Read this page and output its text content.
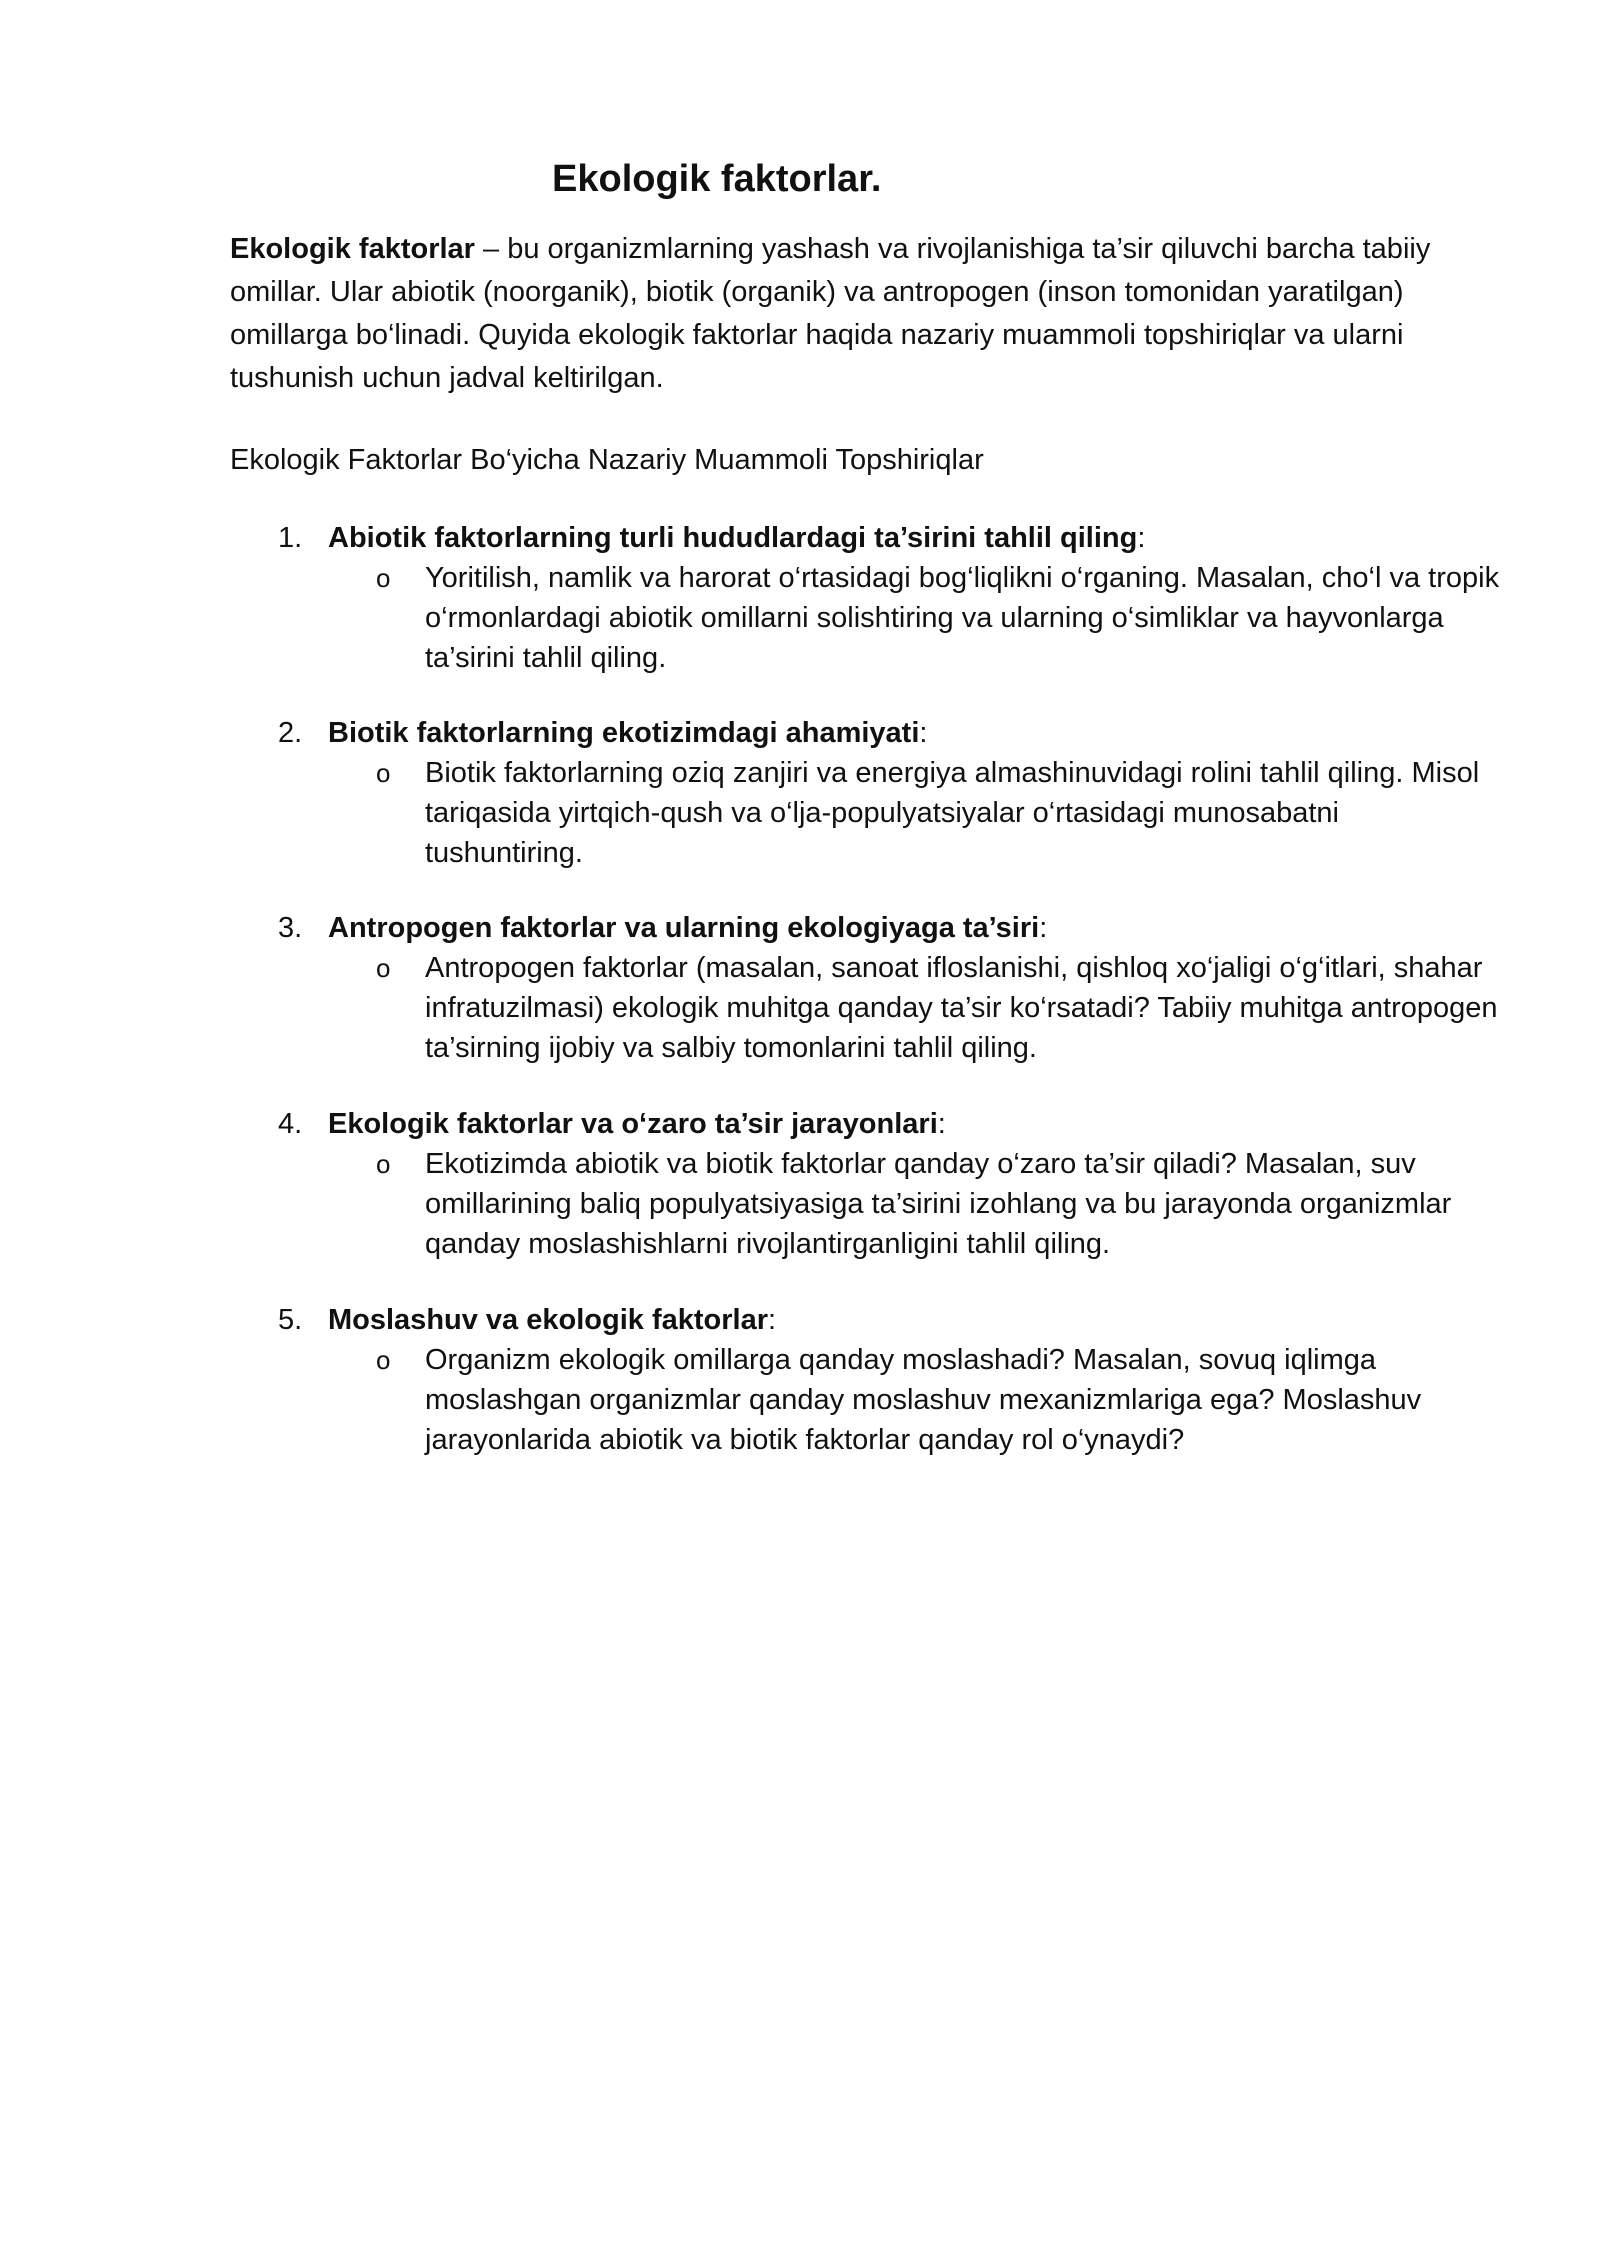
Ekologik faktorlar.

Ekologik faktorlar – bu organizmlarning yashash va rivojlanishiga ta’sir qiluvchi barcha tabiiy omillar. Ular abiotik (noorganik), biotik (organik) va antropogen (inson tomonidan yaratilgan) omillarga bo‘linadi. Quyida ekologik faktorlar haqida nazariy muammoli topshiriqlar va ularni tushunish uchun jadval keltirilgan.

Ekologik Faktorlar Bo‘yicha Nazariy Muammoli Topshiriqlar

1. Abiotik faktorlarning turli hududlardagi ta’sirini tahlil qiling:
o Yoritilish, namlik va harorat o‘rtasidagi bog‘liqlikni o‘rganing. Masalan, cho‘l va tropik o‘rmonlardagi abiotik omillarni solishtiring va ularning o‘simliklar va hayvonlarga ta’sirini tahlil qiling.

2. Biotik faktorlarning ekotizimdagi ahamiyati:
o Biotik faktorlarning oziq zanjiri va energiya almashinuvidagi rolini tahlil qiling. Misol tariqasida yirtqich-qush va o‘lja-populyatsiyalar o‘rtasidagi munosabatni tushuntiring.

3. Antropogen faktorlar va ularning ekologiyaga ta’siri:
o Antropogen faktorlar (masalan, sanoat ifloslanishi, qishloq xo‘jaligi o‘g‘itlari, shahar infratuzilmasi) ekologik muhitga qanday ta’sir ko‘rsatadi? Tabiiy muhitga antropogen ta’sirning ijobiy va salbiy tomonlarini tahlil qiling.

4. Ekologik faktorlar va o‘zaro ta’sir jarayonlari:
o Ekotizimda abiotik va biotik faktorlar qanday o‘zaro ta’sir qiladi? Masalan, suv omillarining baliq populyatsiyasiga ta’sirini izohlang va bu jarayonda organizmlar qanday moslashishlarni rivojlantirganligini tahlil qiling.

5. Moslashuv va ekologik faktorlar:
o Organizm ekologik omillarga qanday moslashadi? Masalan, sovuq iqlimga moslashgan organizmlar qanday moslashuv mexanizmlariga ega? Moslashuv jarayonlarida abiotik va biotik faktorlar qanday rol o‘ynaydi?
